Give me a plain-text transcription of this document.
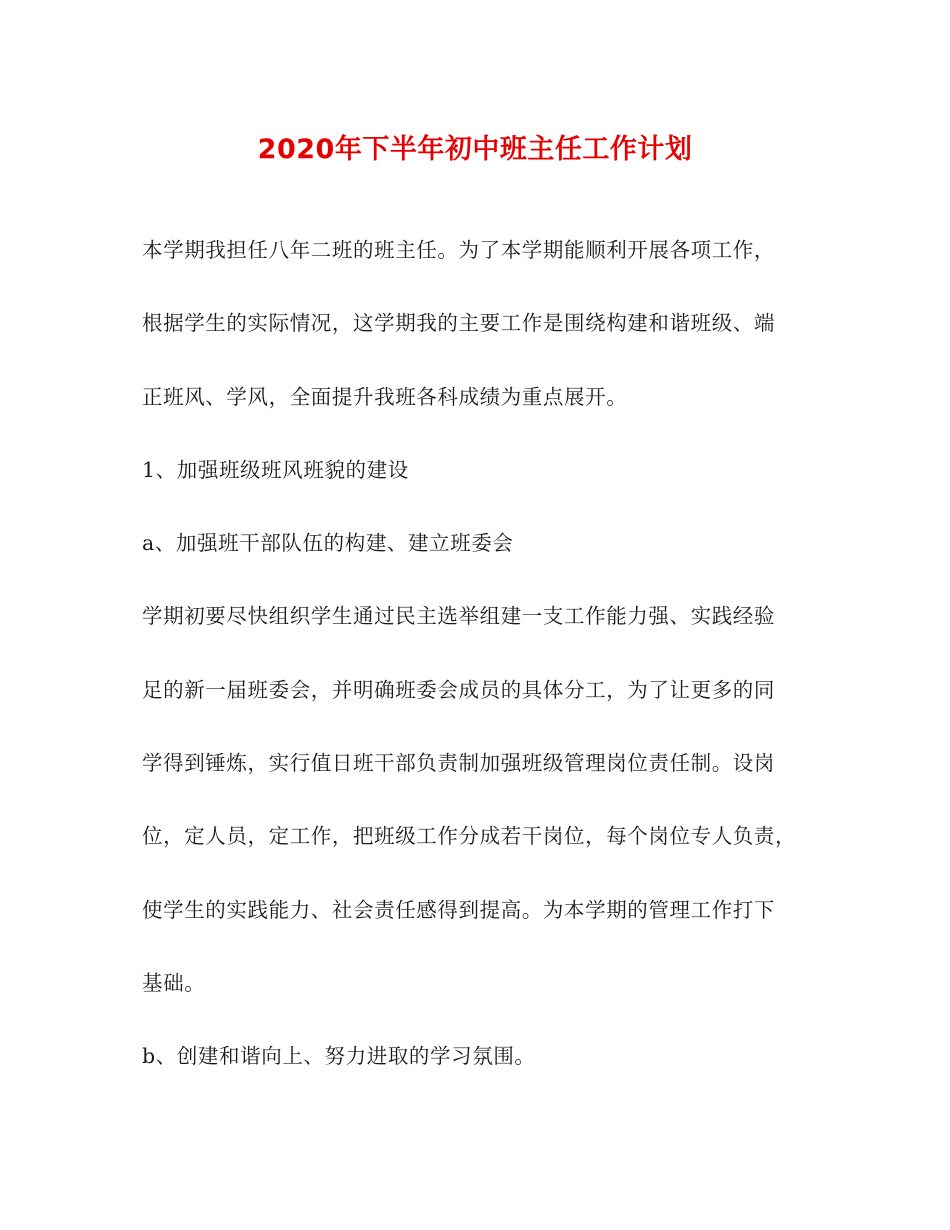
2020年下半年初中班主任工作计划
本学期我担任八年二班的班主任。为了本学期能顺利开展各项工作，
根据学生的实际情况，这学期我的主要工作是围绕构建和谐班级、端
正班风、学风，全面提升我班各科成绩为重点展开。
1、加强班级班风班貌的建设
a、加强班干部队伍的构建、建立班委会
学期初要尽快组织学生通过民主选举组建一支工作能力强、实践经验
足的新一届班委会，并明确班委会成员的具体分工，为了让更多的同
学得到锤炼，实行值日班干部负责制加强班级管理岗位责任制。设岗
位，定人员，定工作，把班级工作分成若干岗位，每个岗位专人负责，
使学生的实践能力、社会责任感得到提高。为本学期的管理工作打下
基础。
b、创建和谐向上、努力进取的学习氛围。
